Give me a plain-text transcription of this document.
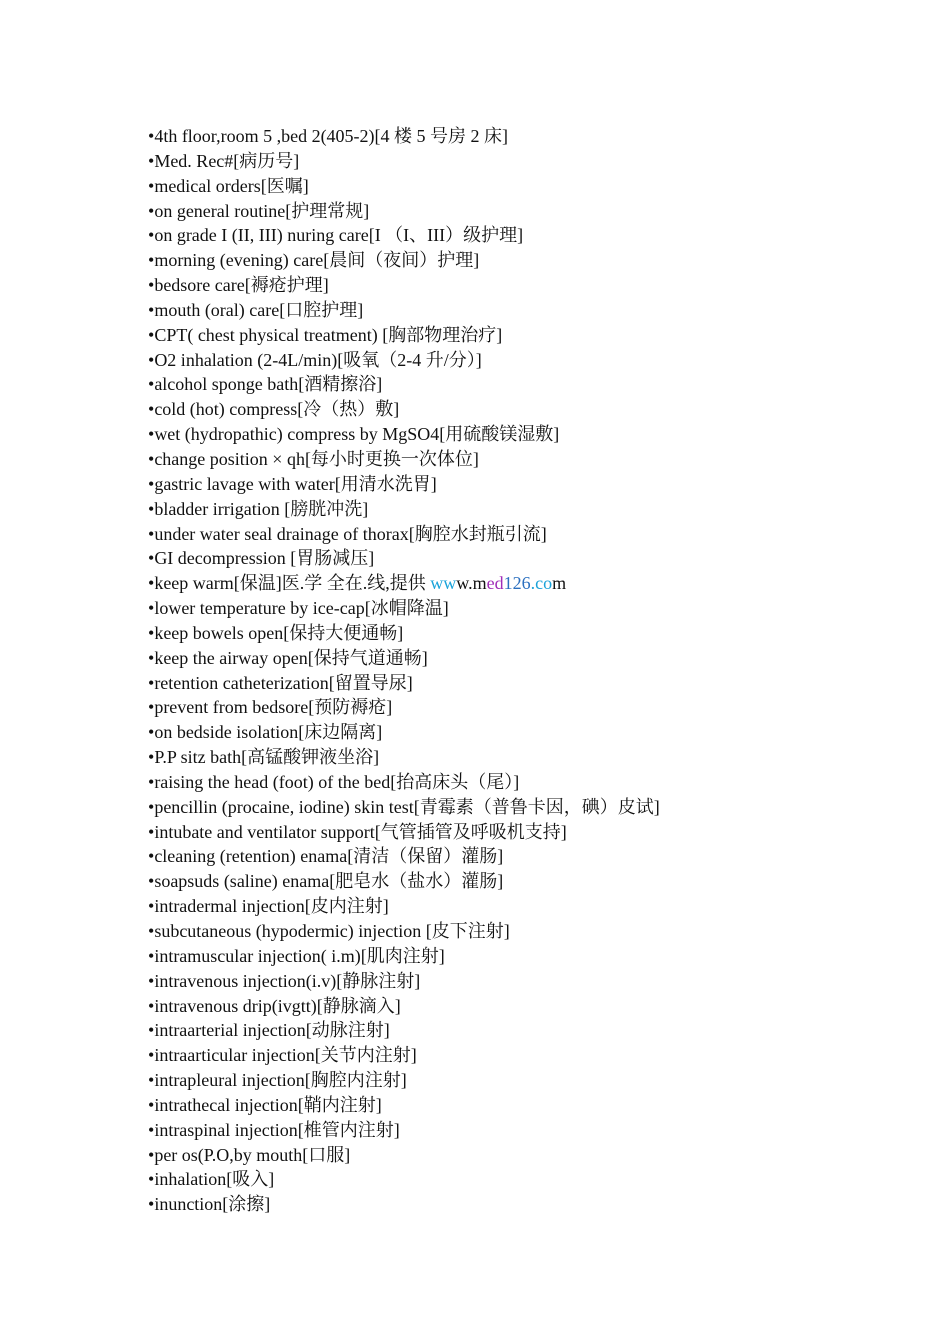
•4th floor,room 5 ,bed 2(405-2)[4 楼 5 号房 2 床]
•Med. Rec#[病历号]
•medical orders[医嘱]
•on general routine[护理常规]
•on grade I (II, III) nuring care[I （I、III）级护理]
•morning (evening) care[晨间（夜间）护理]
•bedsore care[褥疮护理]
•mouth (oral) care[口腔护理]
•CPT( chest physical treatment) [胸部物理治疗]
•O2 inhalation (2-4L/min)[吸氧（2-4 升/分）]
•alcohol sponge bath[酒精擦浴]
•cold (hot) compress[冷（热）敷]
•wet (hydropathic) compress by MgSO4[用硫酸镁湿敷]
•change position × qh[每小时更换一次体位]
•gastric lavage with water[用清水洗胃]
•bladder irrigation [膀胱冲洗]
•under water seal drainage of thorax[胸腔水封瓶引流]
•GI decompression [胃肠减压]
•keep warm[保温]医.学 全在.线,提供 www.med126.com
•lower temperature by ice-cap[冰帽降温]
•keep bowels open[保持大便通畅]
•keep the airway open[保持气道通畅]
•retention catheterization[留置导尿]
•prevent from bedsore[预防褥疮]
•on bedside isolation[床边隔离]
•P.P sitz bath[高锰酸钾液坐浴]
•raising the head (foot) of the bed[抬高床头（尾）]
•pencillin (procaine, iodine) skin test[青霉素（普鲁卡因，碘）皮试]
•intubate and ventilator support[气管插管及呼吸机支持]
•cleaning (retention) enama[清洁（保留）灌肠]
•soapsuds (saline) enama[肥皂水（盐水）灌肠]
•intradermal injection[皮内注射]
•subcutaneous (hypodermic) injection [皮下注射]
•intramuscular injection( i.m)[肌肉注射]
•intravenous injection(i.v)[静脉注射]
•intravenous drip(ivgtt)[静脉滴入]
•intraarterial injection[动脉注射]
•intraarticular injection[关节内注射]
•intrapleural injection[胸腔内注射]
•intrathecal injection[鞘内注射]
•intraspinal injection[椎管内注射]
•per os(P.O,by mouth[口服]
•inhalation[吸入]
•inunction[涂擦]
